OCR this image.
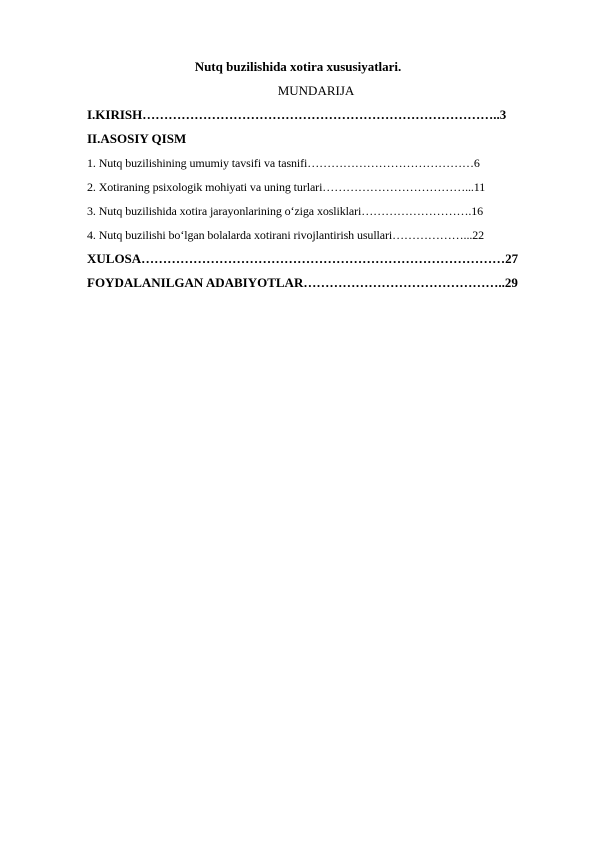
Nutq buzilishida xotira xususiyatlari.
MUNDARIJA
I.KIRISH………………………………………………………………………..3
II.ASOSIY QISM
1. Nutq buzilishining umumiy tavsifi va tasnifi……………………………………6
2. Xotiraning psixologik mohiyati va uning turlari………………………………...11
3. Nutq buzilishida xotira jarayonlarining o‘ziga xosliklari……………………….16
4. Nutq buzilishi bo‘lgan bolalarda xotirani rivojlantirish usullari………………...22
XULOSA…………………………………………………………………………27
FOYDALANILGAN ADABIYOTLAR………………………………………..29
